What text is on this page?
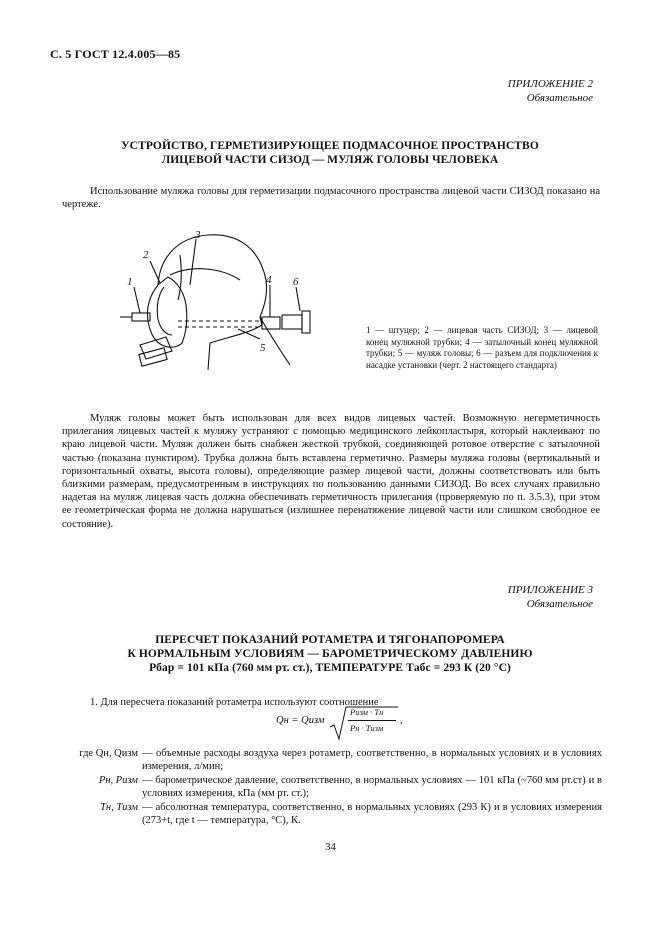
С. 5 ГОСТ 12.4.005—85
ПРИЛОЖЕНИЕ 2
Обязательное
УСТРОЙСТВО, ГЕРМЕТИЗИРУЮЩЕЕ ПОДМАСОЧНОЕ ПРОСТРАНСТВО
ЛИЦЕВОЙ ЧАСТИ СИЗОД — МУЛЯЖ ГОЛОВЫ ЧЕЛОВЕКА
Использование муляжа головы для герметизации подмасочного пространства лицевой части СИЗОД показано на чертеже.
1
2
3
4 6
5
1 — штуцер; 2 — лицевая часть СИЗОД; 3 — лицевой конец муляжной трубки; 4 — затылочный конец муляжной трубки; 5 — муляж головы; 6 — разъем для подключения к насадке установки (черт. 2 настоящего стандарта)
Муляж головы может быть использован для всех видов лицевых частей. Возможную негерметичность прилегания лицевых частей к муляжу устраняют с помощью медицинского лейкопластыря, который наклеивают по краю лицевой части. Муляж должен быть снабжен жесткой трубкой, соединяющей ротовое отверстие с затылочной частью (показана пунктиром). Трубка должна быть вставлена герметично. Размеры муляжа головы (вертикальный и горизонтальный охваты, высота головы), определяющие размер лицевой части, должны соответствовать или быть близкими размерам, предусмотренным в инструкциях по пользованию данными СИЗОД. Во всех случаях правильно надетая на муляж лицевая часть должна обеспечивать герметичность прилегания (проверяемую по п. 3.5.3), при этом ее геометрическая форма не должна нарушаться (излишнее перенатяжение лицевой части или слишком свободное ее состояние).
ПРИЛОЖЕНИЕ 3
Обязательное
ПЕРЕСЧЕТ ПОКАЗАНИЙ РОТАМЕТРА И ТЯГОНАПОРОМЕРА
К НОРМАЛЬНЫМ УСЛОВИЯМ — БАРОМЕТРИЧЕСКОМУ ДАВЛЕНИЮ
Pбар = 101 кПа (760 мм рт. ст.), ТЕМПЕРАТУРЕ Tабс = 293 К (20 °С)
1. Для пересчета показаний ротаметра используют соотношение
Qн = Qизм
Pизм · Tн
Pн · Tизм
,
где Qн, Qизм — объемные расходы воздуха через ротаметр, соответственно, в нормальных условиях и в условиях измерения, л/мин;
Pн, Pизм — барометрическое давление, соответственно, в нормальных условиях — 101 кПа (~760 мм рт.ст) и в условиях измерения, кПа (мм рт. ст.);
Tн, Tизм — абсолютная температура, соответственно, в нормальных условиях (293 К) и в условиях измерения (273+t, где t — температура, °С), К.
34
